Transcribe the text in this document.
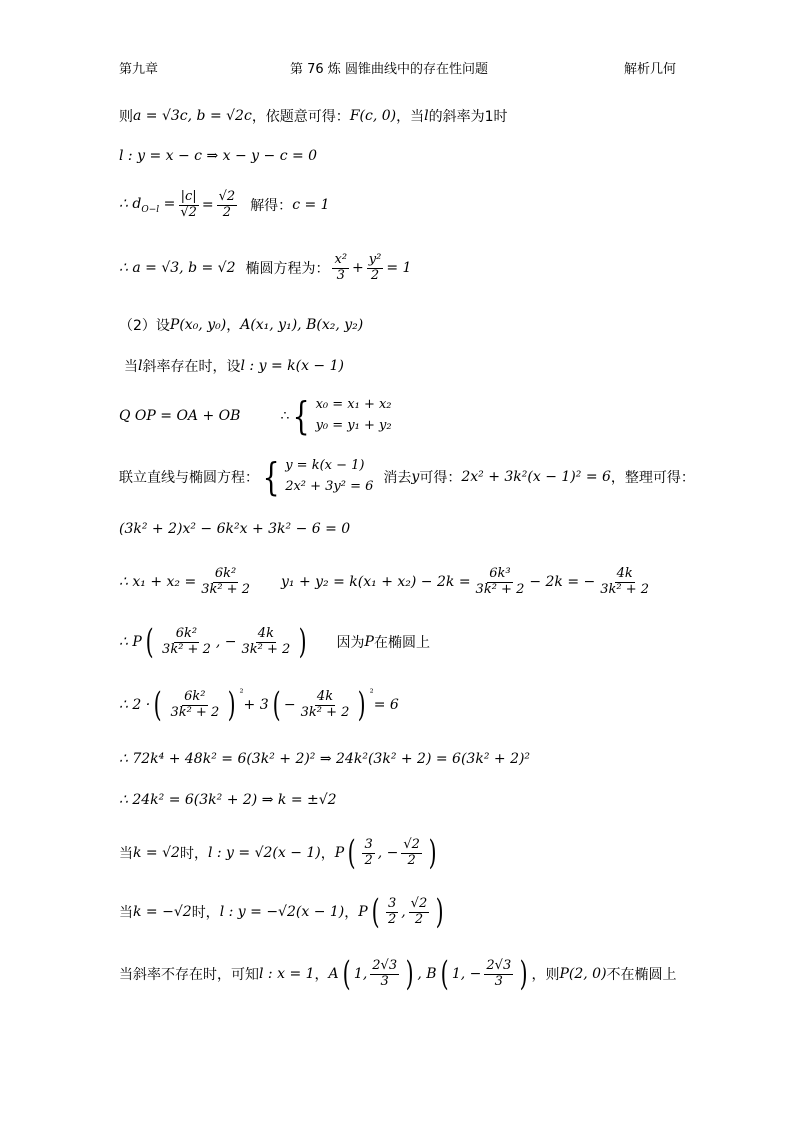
第九章	第 76 炼 圆锥曲线中的存在性问题	解析几何
则 a = √3c, b = √2c ，依题意可得： F(c, 0) ，当 l 的斜率为1时
l : y = x − c ⇒ x − y − c = 0
∴ $d_{O-l} = \frac{|c|}{√2} = \frac{√2}{2}$ 解得： c = 1
∴ a = √3, b = √2 椭圆方程为： $\frac{\text{x²}}{3} + \frac{\text{y²}}{2} = 1$
（2）设 P(x₀, y₀) ， A(x₁, y₁), B(x₂, y₂)
当 l 斜率存在时，设 l : y = k(x − 1)
Q OP = OA + OB	∴ { x₀ = x₁ + x₂
y₀ = y₁ + y₂
联立直线与椭圆方程： { y = k(x − 1)
2x² + 3y² = 6
消去 y 可得： 2x² + 3k²(x − 1)² = 6 ，整理可得：
(3k² + 2)x² − 6k²x + 3k² − 6 = 0
∴ $x_1 + x_2 = \frac{\text{6k²}}{\text{3k² + 2}} y_1 + y_2 = k(x_1 + x_2) - 2k = \frac{\text{6k³}}{\text{3k² + 2}} - 2k$ = − $\frac{4k}{\text{3k² + 2}}$
∴ P ( $\frac{\text{6k²}}{\text{3k² + 2}}$ , − $\frac{4k}{\text{3k² + 2}}$ ) 因为 P 在椭圆上
∴ 2 · ( $\frac{\text{6k²}}{\text{3k² + 2}}$ ) $^{^2}$
+ 3 ( − $\frac{4k}{\text{3k² + 2}}$ ) $^{^2}$
= 6
∴ 72k⁴ + 48k² = 6(3k² + 2)² ⇒ 24k²(3k² + 2) = 6(3k² + 2)²
∴ 24k² = 6(3k² + 2) ⇒ k = ±√2
当 k = √2 时， l : y = √2(x − 1) ， P ( $\frac{3}{2}$ , − $\frac{√2}{2}$ )
当 k = −√2 时， l : y = −√2(x − 1) ， P ( $\frac{3}{2}$ , $\frac{√2}{2}$ )
当斜率不存在时，可知 l : x = 1 ， A ( 1, $\frac{2√3}{3}$ ) , B ( 1, − $\frac{2√3}{3}$ ) ，则 P(2, 0) 不在椭圆上
